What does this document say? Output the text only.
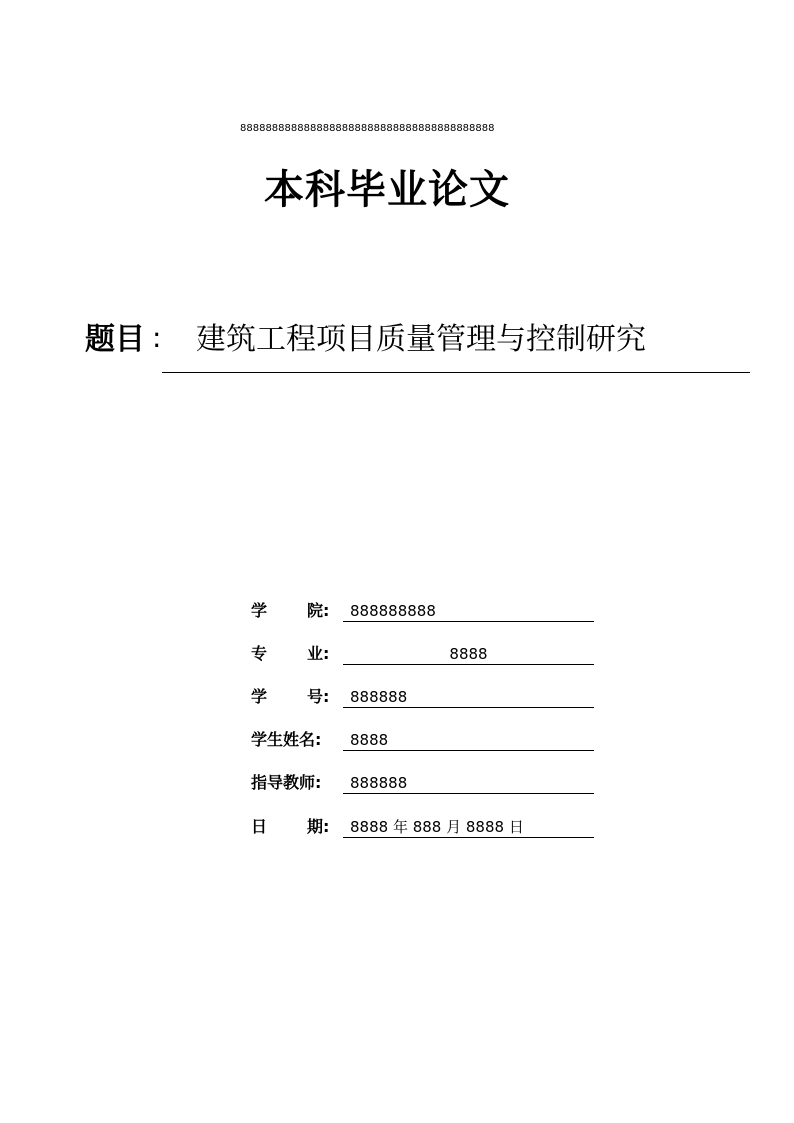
8888888888888888888888888888888888888888
本科毕业论文
题目 : 建筑工程项目质量管理与控制研究
学 院:	888888888
专 业:	8888
学 号:	888888
学生姓名:	8888
指导教师:	888888
日 期:	8888 年 888 月 8888 日
